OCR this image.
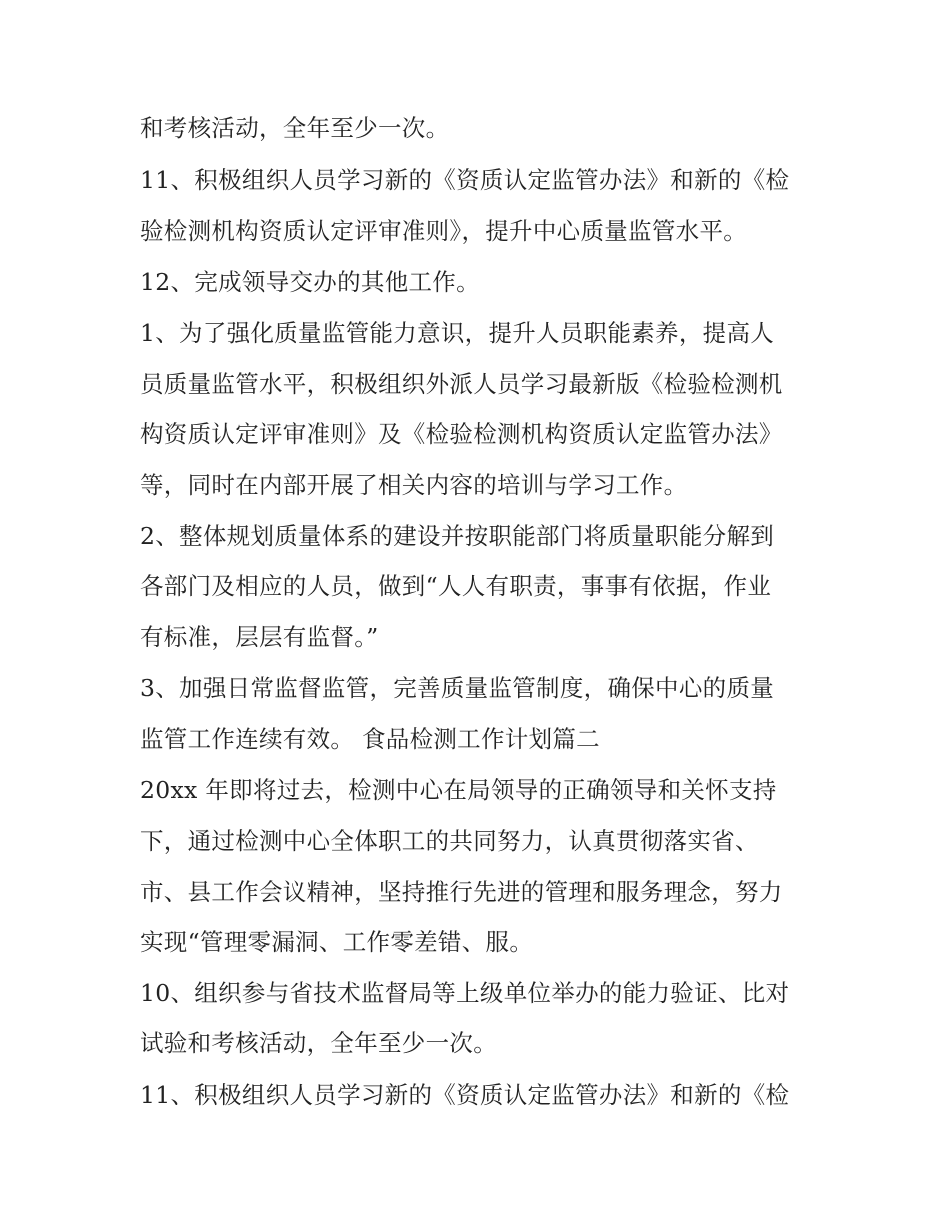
和考核活动，全年至少一次。
11、积极组织人员学习新的《资质认定监管办法》和新的《检
验检测机构资质认定评审准则》，提升中心质量监管水平。
12、完成领导交办的其他工作。
1、为了强化质量监管能力意识，提升人员职能素养，提高人
员质量监管水平，积极组织外派人员学习最新版《检验检测机
构资质认定评审准则》及《检验检测机构资质认定监管办法》
等，同时在内部开展了相关内容的培训与学习工作。
2、整体规划质量体系的建设并按职能部门将质量职能分解到
各部门及相应的人员，做到“人人有职责，事事有依据，作业
有标准，层层有监督。”
3、加强日常监督监管，完善质量监管制度，确保中心的质量
监管工作连续有效。 食品检测工作计划篇二
20xx 年即将过去，检测中心在局领导的正确领导和关怀支持
下，通过检测中心全体职工的共同努力，认真贯彻落实省、
市、县工作会议精神，坚持推行先进的管理和服务理念，努力
实现“管理零漏洞、工作零差错、服。
10、组织参与省技术监督局等上级单位举办的能力验证、比对
试验和考核活动，全年至少一次。
11、积极组织人员学习新的《资质认定监管办法》和新的《检
